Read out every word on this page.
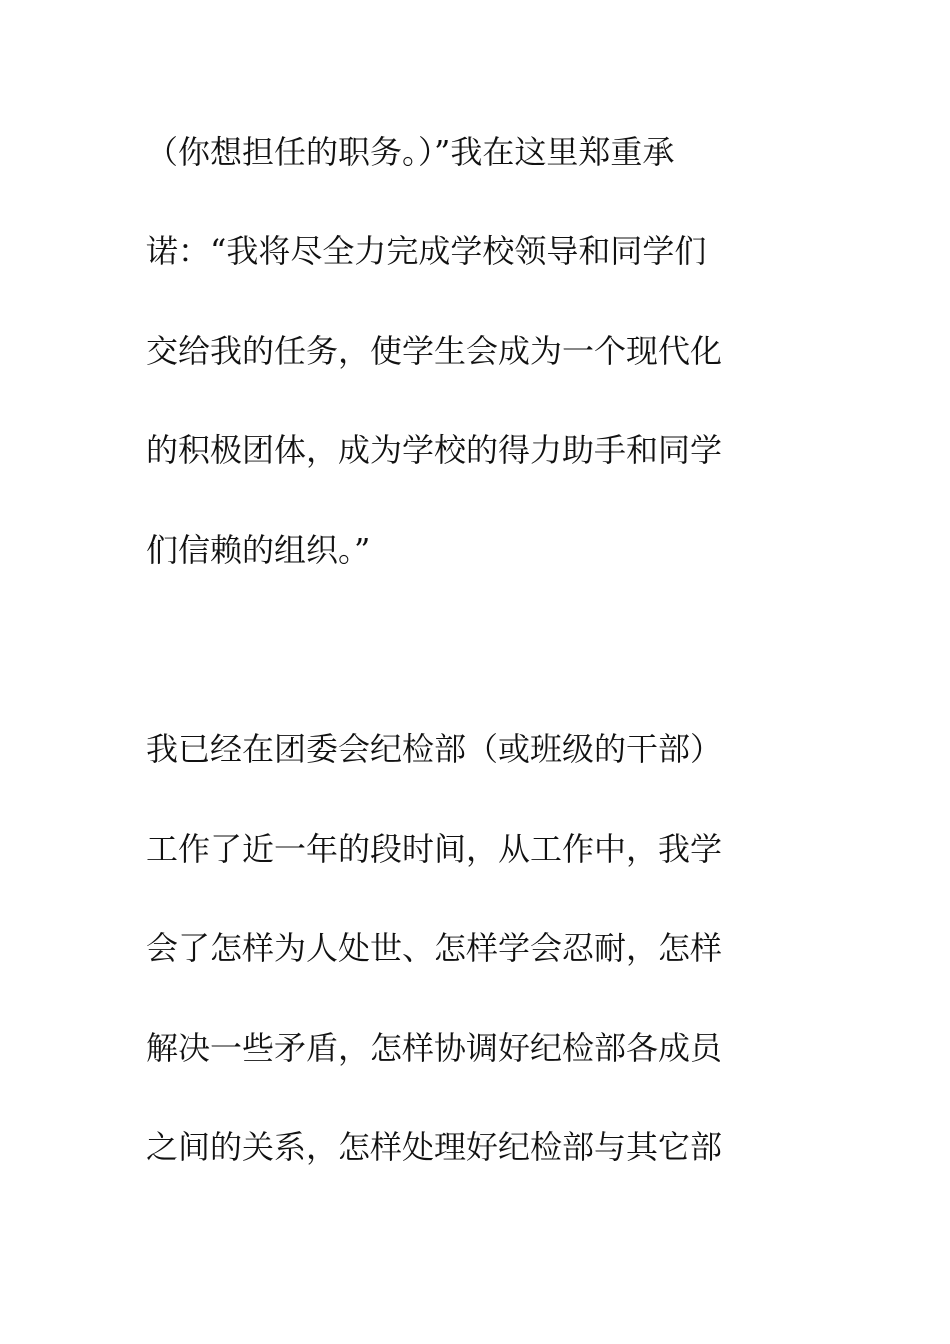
（你想担任的职务。）”我在这里郑重承
诺：“我将尽全力完成学校领导和同学们
交给我的任务，使学生会成为一个现代化
的积极团体，成为学校的得力助手和同学
们信赖的组织。”
我已经在团委会纪检部（或班级的干部）
工作了近一年的段时间，从工作中，我学
会了怎样为人处世、怎样学会忍耐，怎样
解决一些矛盾，怎样协调好纪检部各成员
之间的关系，怎样处理好纪检部与其它部
